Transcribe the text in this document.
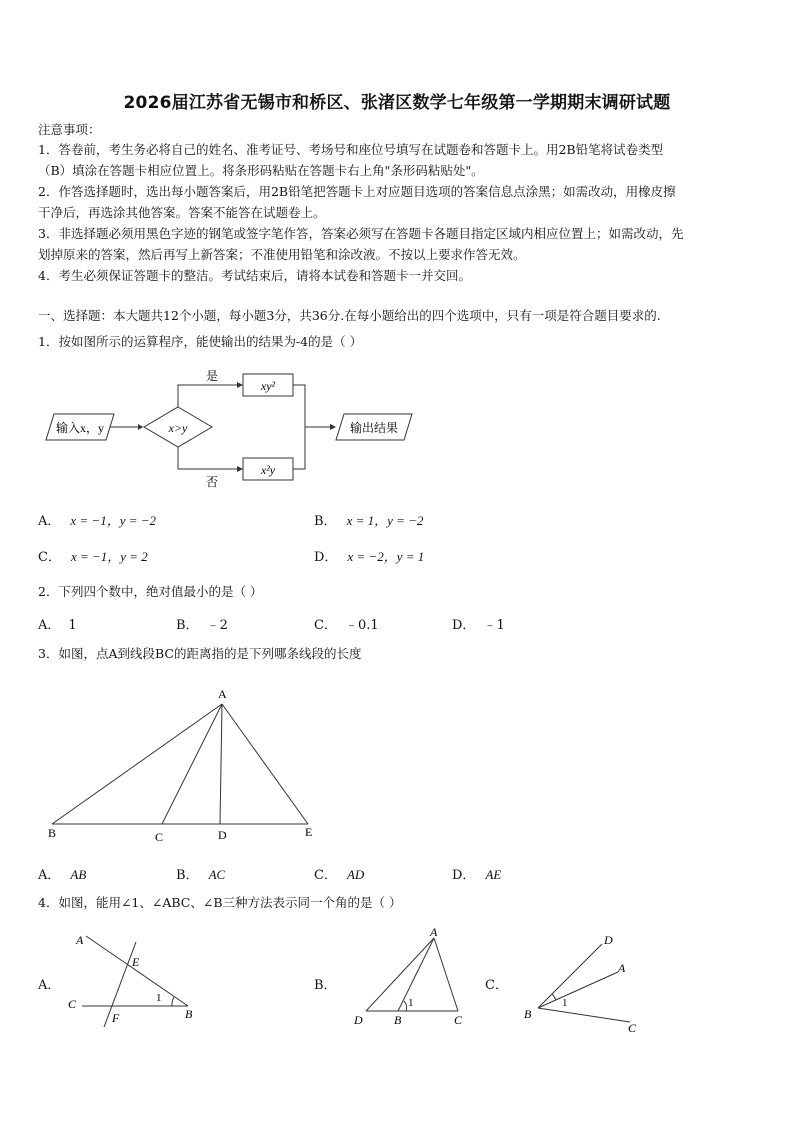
2026届江苏省无锡市和桥区、张渚区数学七年级第一学期期末调研试题
注意事项：
1．答卷前，考生务必将自己的姓名、准考证号、考场号和座位号填写在试题卷和答题卡上。用2B铅笔将试卷类型
（B）填涂在答题卡相应位置上。将条形码粘贴在答题卡右上角"条形码粘贴处"。
2．作答选择题时，选出每小题答案后，用2B铅笔把答题卡上对应题目选项的答案信息点涂黑；如需改动，用橡皮擦
干净后，再选涂其他答案。答案不能答在试题卷上。
3．非选择题必须用黑色字迹的钢笔或签字笔作答，答案必须写在答题卡各题目指定区域内相应位置上；如需改动，先
划掉原来的答案，然后再写上新答案；不准使用铅笔和涂改液。不按以上要求作答无效。
4．考生必须保证答题卡的整洁。考试结束后，请将本试卷和答题卡一并交回。
一、选择题：本大题共12个小题，每小题3分，共36分.在每小题给出的四个选项中，只有一项是符合题目要求的.
1．按如图所示的运算程序，能使输出的结果为-4的是（ ）
输入x，y	x>y
是
否
xy²
x²y
输出结果
A． x = −1，y = −2	B． x = 1，y = −2
C． x = −1，y = 2	D． x = −2，y = 1
2．下列四个数中，绝对值最小的是（ ）
A． 1	B． ﹣2	C． ﹣0.1	D． ﹣1
3．如图，点A到线段BC的距离指的是下列哪条线段的长度
A
B	C	D	E
A． AB	B． AC	C． AD	D． AE
4．如图，能用∠1、∠ABC、∠B三种方法表示同一个角的是（ ）
A．
A
E
C	1
B
F
B．
A
1
D	B	C
C．
D
A
1
B
C
